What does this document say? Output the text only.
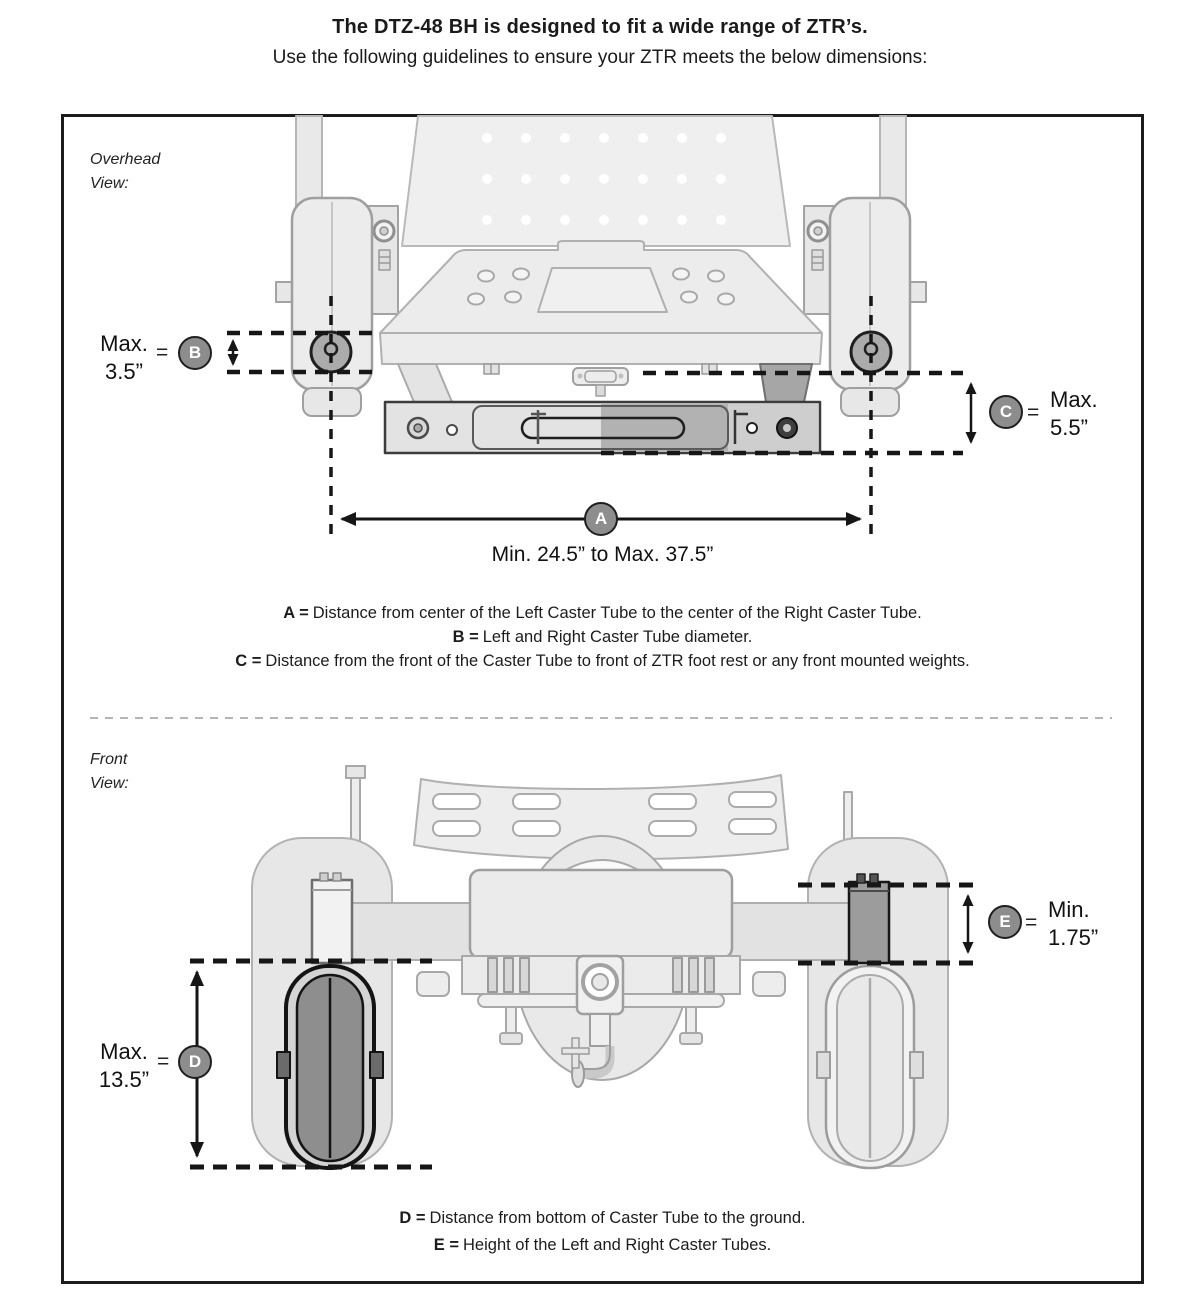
The DTZ-48 BH is designed to fit a wide range of ZTR’s.
Use the following guidelines to ensure your ZTR meets the below dimensions:
Overhead
View:
Front
View:
Max.
3.5”
= B
C =
Max.
5.5”
A
Min. 24.5” to Max. 37.5”
A = Distance from center of the Left Caster Tube to the center of the Right Caster Tube.
B = Left and Right Caster Tube diameter.
C = Distance from the front of the Caster Tube to front of ZTR foot rest or any front mounted weights.
Max.
13.5”
= D
E =
Min.
1.75”
D = Distance from bottom of Caster Tube to the ground.
E = Height of the Left and Right Caster Tubes.
